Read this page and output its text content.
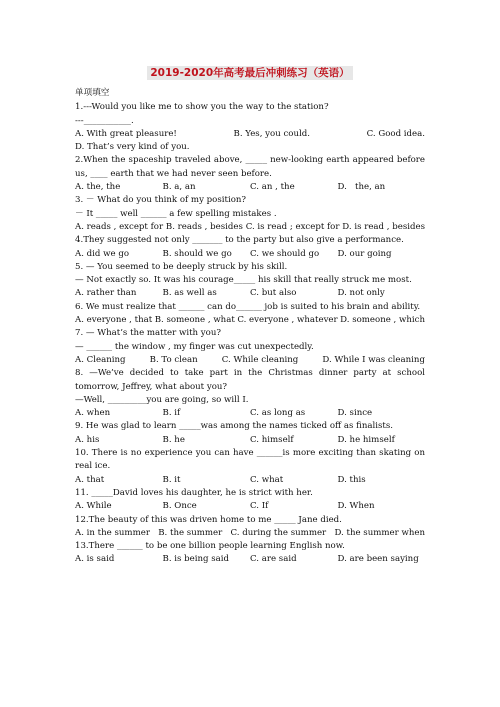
2019-2020年高考最后冲刺练习（英语）
单项填空

1.---Would you like me to show you the way to the station?

---___________.

A. With great pleasure!	B. Yes, you could.	C. Good idea.
D. That’s very kind of you.

2.When the spaceship traveled above, _____ new-looking earth appeared before us, ____ earth that we had never seen before.

A. the, the	B. a, an	C. an , the	D.   the, an

3. － What do you think of my position?

－ It _____ well ______ a few spelling mistakes .

A. reads , except for B. reads , besides C. is read ; except for D. is read , besides

4.They suggested not only _______ to the party but also give a performance.

A. did we go	B. should we go	C. we should go	D. our going

5. — You seemed to be deeply struck by his skill.

— Not exactly so. It was his courage_____ his skill that really struck me most.

A. rather than	B. as well as	C. but also	D. not only

6. We must realize that ______ can do______ job is suited to his brain and ability.

A. everyone , that B. someone , what C. everyone , whatever D. someone , which

7. — What’s the matter with you?

— ______ the window , my finger was cut unexpectedly.

A. Cleaning	B. To clean	C. While cleaning	D. While I was cleaning

8. —We’ve decided to take part in the Christmas dinner party at school tomorrow, Jeffrey, what about you?

—Well, _________you are going, so will I.

A. when	B. if	C. as long as	D. since

9. He was glad to learn _____was among the names ticked off as finalists.

A. his	B. he	C. himself	D. he himself

10. There is no experience you can have ______is more exciting than skating on real ice.

A. that	B. it	C. what	D. this

11. _____David loves his daughter, he is strict with her.

A. While	B. Once	C. If	D. When

12.The beauty of this was driven home to me _____ Jane died.

A. in the summer B. the summer C. during the summer D. the summer when

13.There ______ to be one billion people learning English now.

A. is said	B. is being said	C. are said	D. are been saying
